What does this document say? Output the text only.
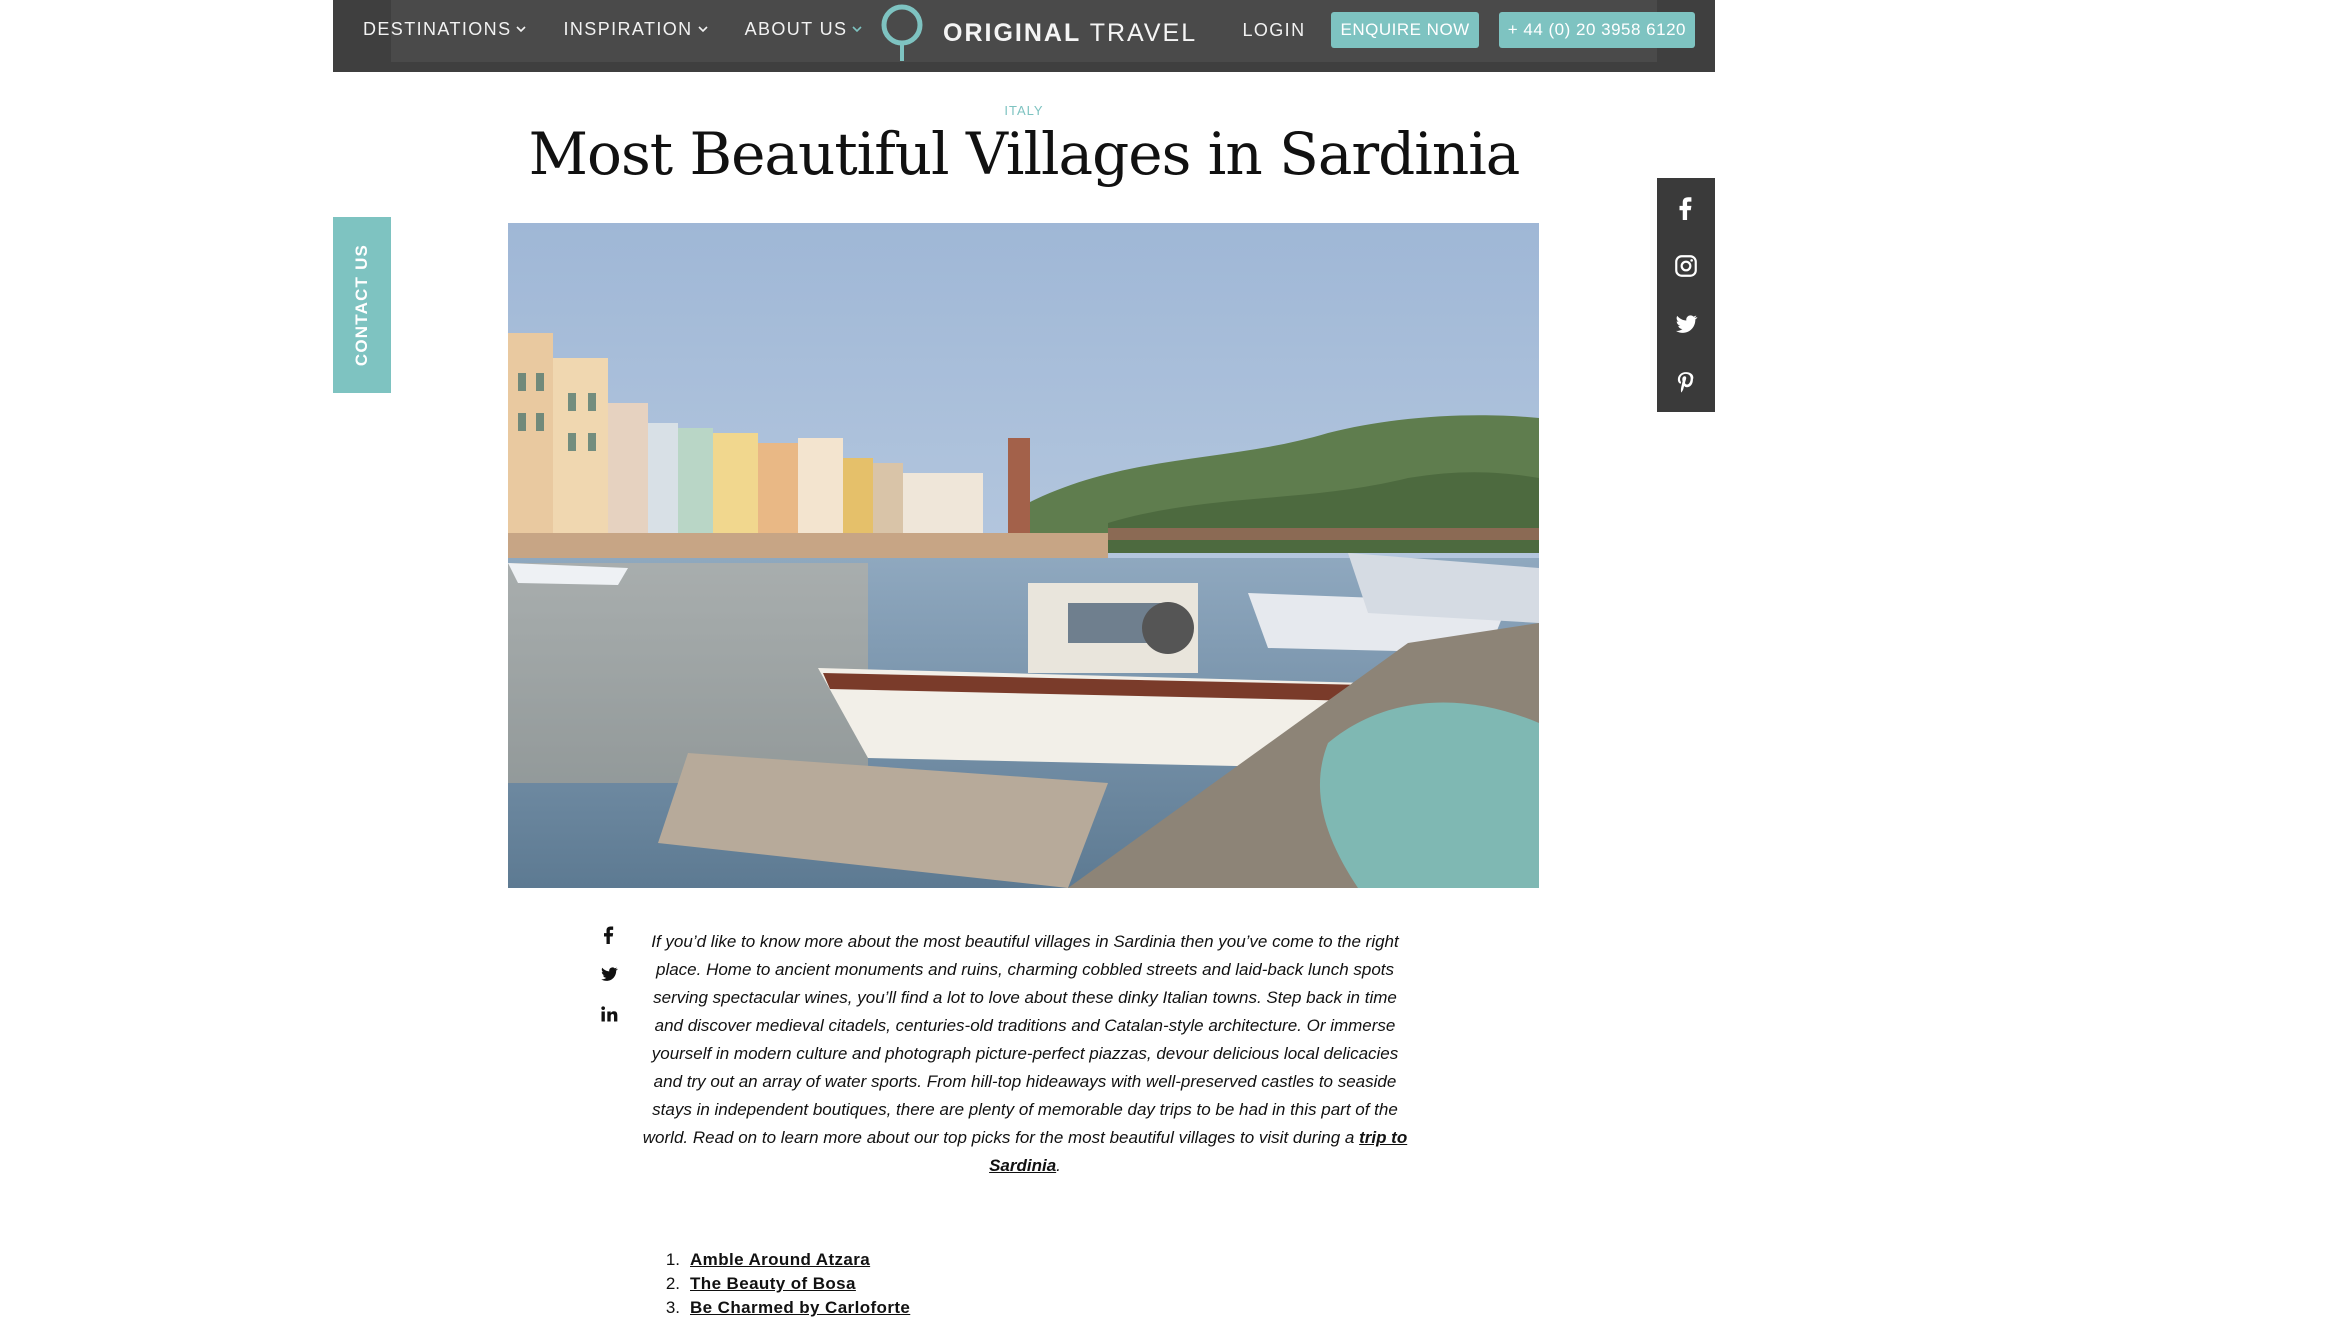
DESTINATIONS	INSPIRATION	ABOUT US	ORIGINAL TRAVEL	LOGIN	ENQUIRE NOW	+ 44 (0) 20 3958 6120
CONTACT US
ITALY
Most Beautiful Villages in Sardinia

If you’d like to know more about the most beautiful villages in Sardinia then you’ve come to the right place. Home to ancient monuments and ruins, charming cobbled streets and laid-back lunch spots serving spectacular wines, you’ll find a lot to love about these dinky Italian towns. Step back in time and discover medieval citadels, centuries-old traditions and Catalan-style architecture. Or immerse yourself in modern culture and photograph picture-perfect piazzas, devour delicious local delicacies and try out an array of water sports. From hill-top hideaways with well-preserved castles to seaside stays in independent boutiques, there are plenty of memorable day trips to be had in this part of the world. Read on to learn more about our top picks for the most beautiful villages to visit during a trip to Sardinia.

1. Amble Around Atzara
2. The Beauty of Bosa
3. Be Charmed by Carloforte
